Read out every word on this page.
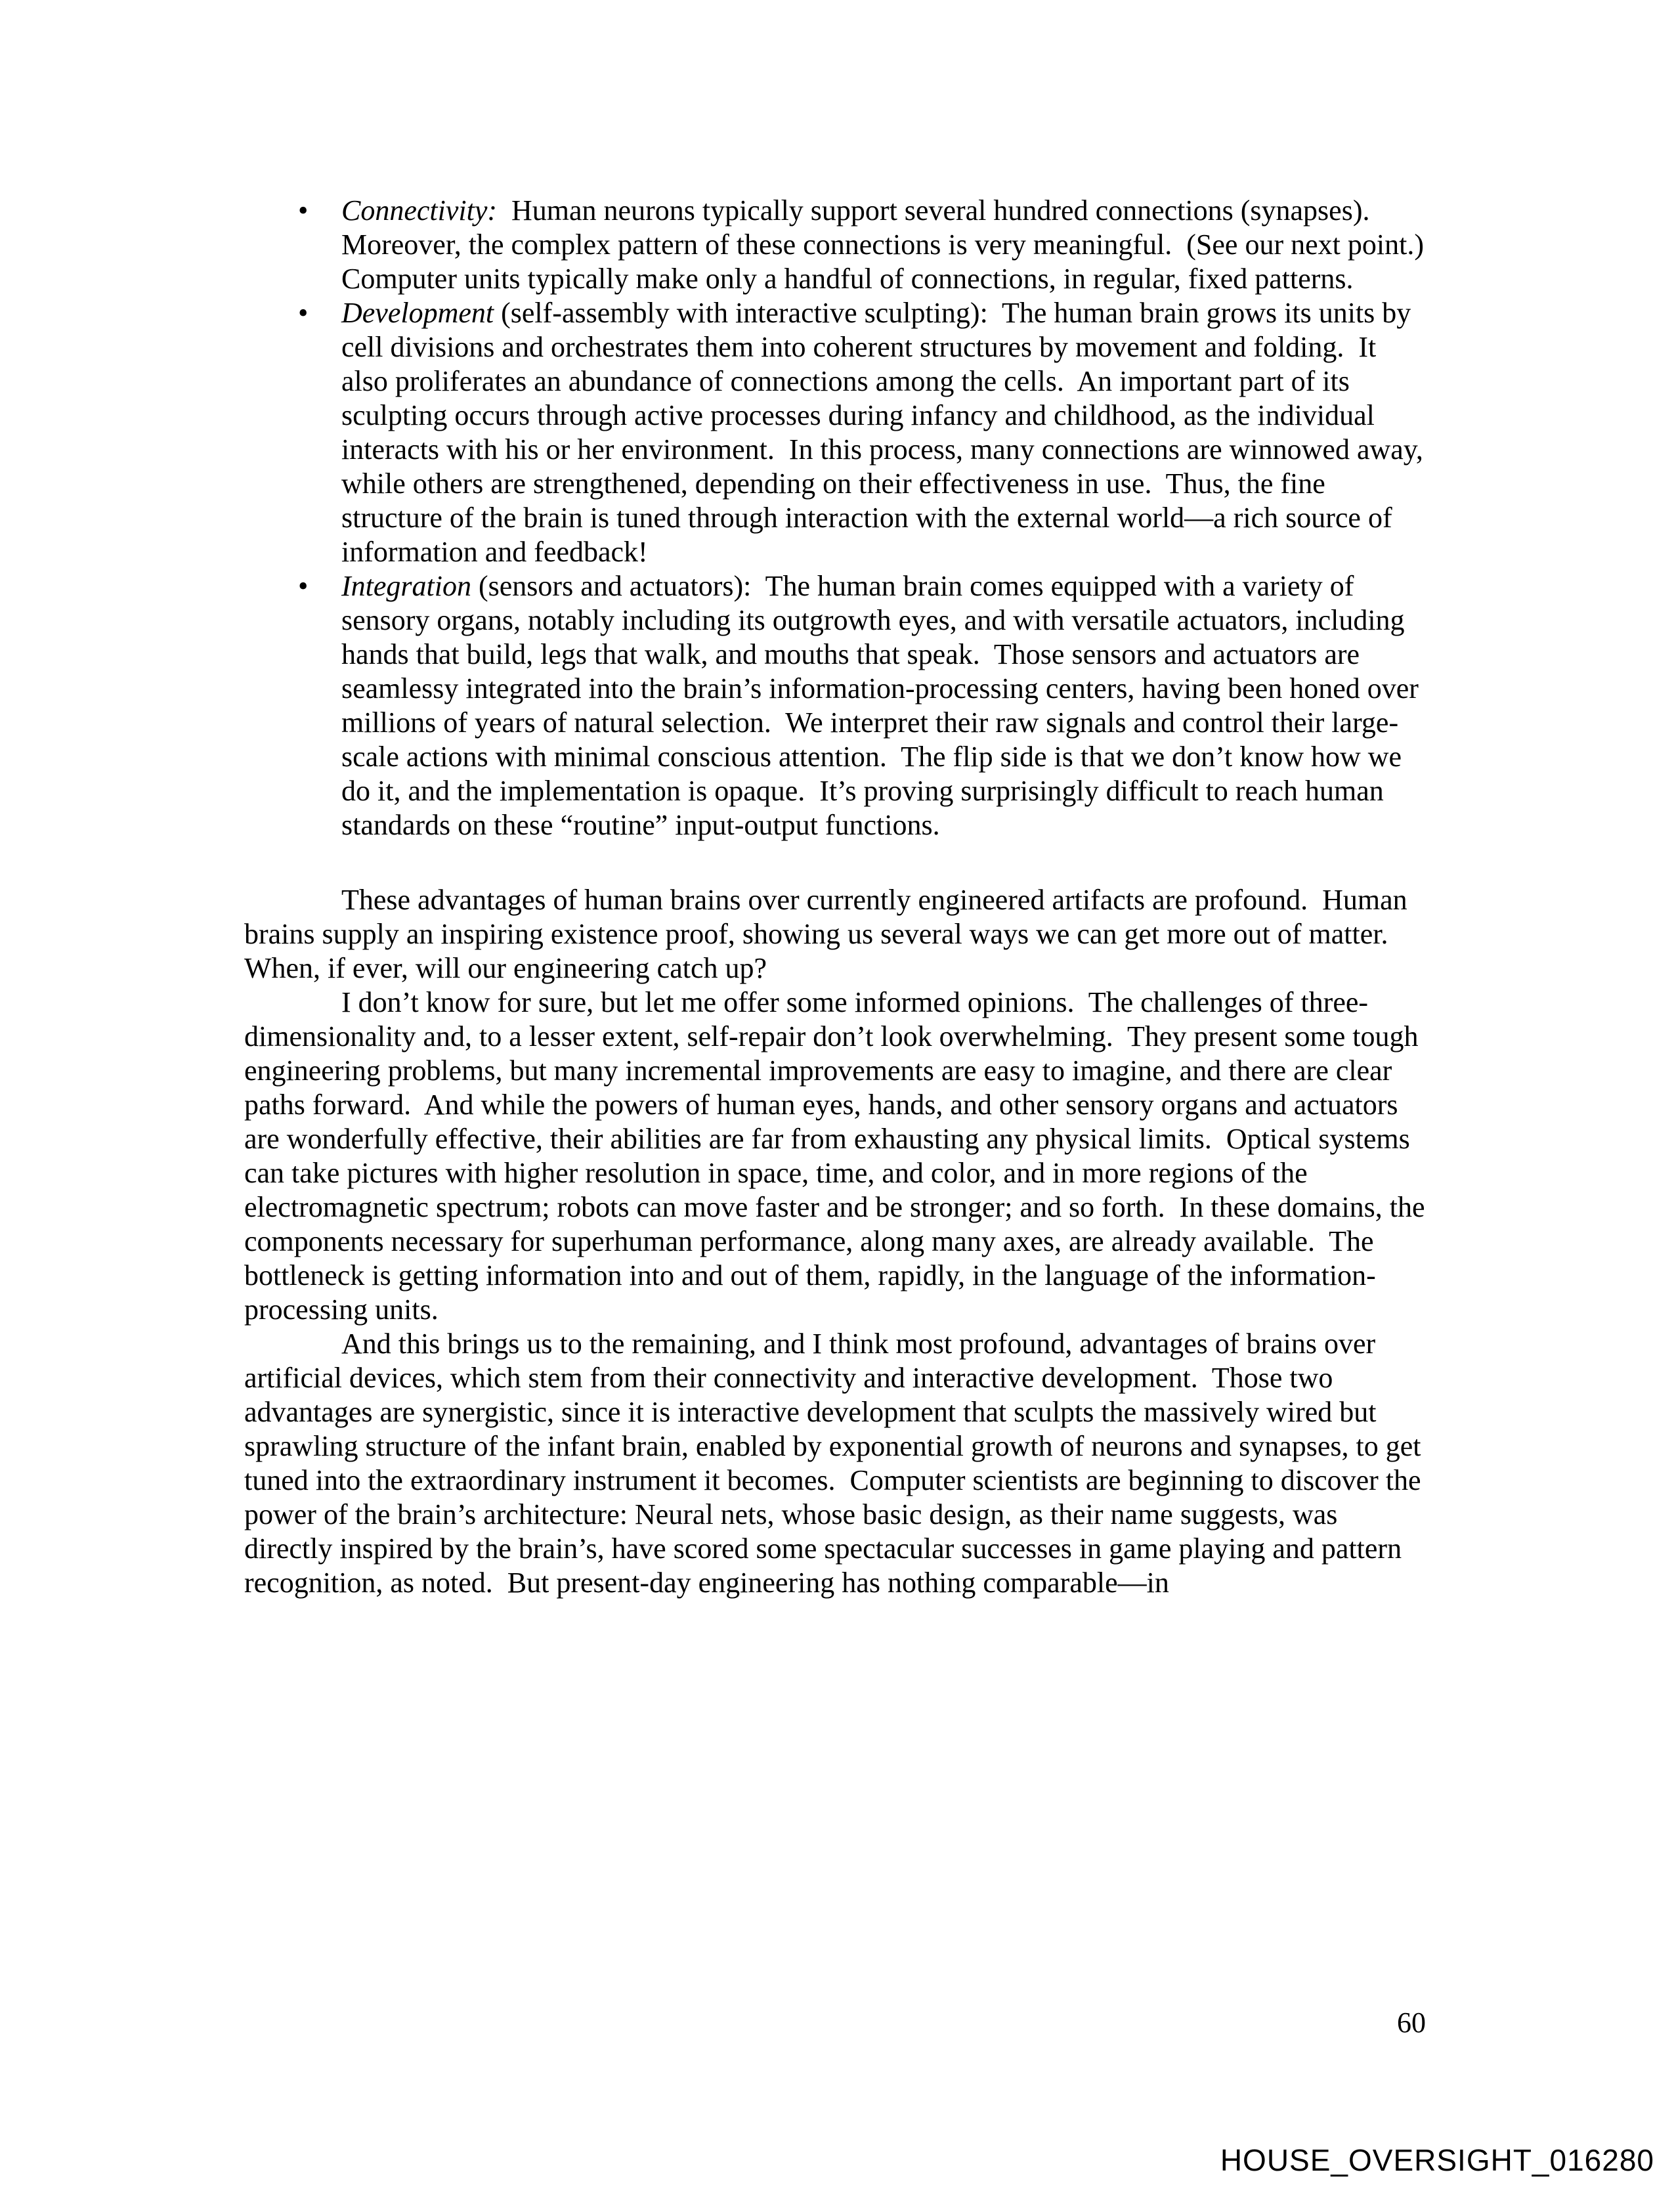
• Connectivity:  Human neurons typically support several hundred connections (synapses).  Moreover, the complex pattern of these connections is very meaningful.  (See our next point.)  Computer units typically make only a handful of connections, in regular, fixed patterns.
• Development (self-assembly with interactive sculpting):  The human brain grows its units by cell divisions and orchestrates them into coherent structures by movement and folding.  It also proliferates an abundance of connections among the cells.  An important part of its sculpting occurs through active processes during infancy and childhood, as the individual interacts with his or her environment.  In this process, many connections are winnowed away, while others are strengthened, depending on their effectiveness in use.  Thus, the fine structure of the brain is tuned through interaction with the external world—a rich source of information and feedback!
• Integration (sensors and actuators):  The human brain comes equipped with a variety of sensory organs, notably including its outgrowth eyes, and with versatile actuators, including hands that build, legs that walk, and mouths that speak.  Those sensors and actuators are seamlessy integrated into the brain’s information-processing centers, having been honed over millions of years of natural selection.  We interpret their raw signals and control their large-scale actions with minimal conscious attention.  The flip side is that we don’t know how we do it, and the implementation is opaque.  It’s proving surprisingly difficult to reach human standards on these “routine” input-output functions.

These advantages of human brains over currently engineered artifacts are profound.  Human brains supply an inspiring existence proof, showing us several ways we can get more out of matter.  When, if ever, will our engineering catch up?

I don’t know for sure, but let me offer some informed opinions.  The challenges of three-dimensionality and, to a lesser extent, self-repair don’t look overwhelming.  They present some tough engineering problems, but many incremental improvements are easy to imagine, and there are clear paths forward.  And while the powers of human eyes, hands, and other sensory organs and actuators are wonderfully effective, their abilities are far from exhausting any physical limits.  Optical systems can take pictures with higher resolution in space, time, and color, and in more regions of the electromagnetic spectrum; robots can move faster and be stronger; and so forth.  In these domains, the components necessary for superhuman performance, along many axes, are already available.  The bottleneck is getting information into and out of them, rapidly, in the language of the information-processing units.

And this brings us to the remaining, and I think most profound, advantages of brains over artificial devices, which stem from their connectivity and interactive development.  Those two advantages are synergistic, since it is interactive development that sculpts the massively wired but sprawling structure of the infant brain, enabled by exponential growth of neurons and synapses, to get tuned into the extraordinary instrument it becomes.  Computer scientists are beginning to discover the power of the brain’s architecture: Neural nets, whose basic design, as their name suggests, was directly inspired by the brain’s, have scored some spectacular successes in game playing and pattern recognition, as noted.  But present-day engineering has nothing comparable—in

60
HOUSE_OVERSIGHT_016280
